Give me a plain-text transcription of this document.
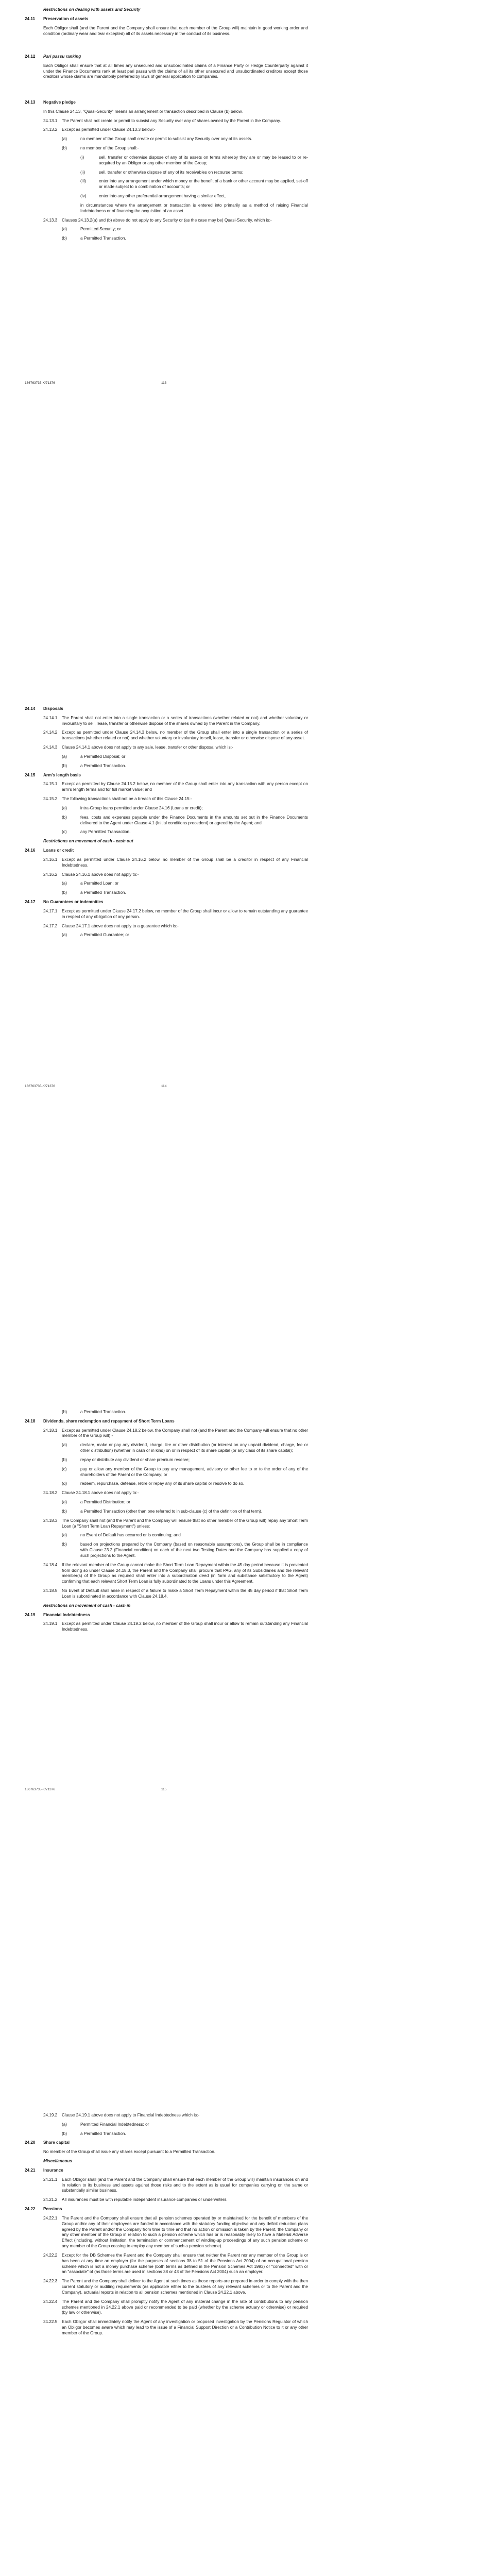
Restrictions on dealing with assets and Security
24.11	Preservation of assets
Each Obligor shall (and the Parent and the Company shall ensure that each member of the Group will) maintain in good working order and condition (ordinary wear and tear excepted) all of its assets necessary in the conduct of its business.
24.12	Pari passu ranking
Each Obligor shall ensure that at all times any unsecured and unsubordinated claims of a Finance Party or Hedge Counterparty against it under the Finance Documents rank at least pari passu with the claims of all its other unsecured and unsubordinated creditors except those creditors whose claims are mandatorily preferred by laws of general application to companies.
24.13	Negative pledge
In this Clause 24.13, "Quasi-Security" means an arrangement or transaction described in Clause (b) below.
24.13.1	The Parent shall not create or permit to subsist any Security over any of shares owned by the Parent in the Company.
24.13.2	Except as permitted under Clause 24.13.3 below:-
(a)	no member of the Group shall create or permit to subsist any Security over any of its assets.
(b)	no member of the Group shall:-
(i)	sell, transfer or otherwise dispose of any of its assets on terms whereby they are or may be leased to or re-acquired by an Obligor or any other member of the Group;
(ii)	sell, transfer or otherwise dispose of any of its receivables on recourse terms;
(iii)	enter into any arrangement under which money or the benefit of a bank or other account may be applied, set-off or made subject to a combination of accounts; or
(iv)	enter into any other preferential arrangement having a similar effect,
in circumstances where the arrangement or transaction is entered into primarily as a method of raising Financial Indebtedness or of financing the acquisition of an asset.
24.13.3	Clauses 24.13.2(a) and (b) above do not apply to any Security or (as the case may be) Quasi-Security, which is:-
(a)	Permitted Security; or
(b)	a Permitted Transaction.
136763735-K/71376	113
24.14	Disposals
24.14.1	The Parent shall not enter into a single transaction or a series of transactions (whether related or not) and whether voluntary or involuntary to sell, lease, transfer or otherwise dispose of the shares owned by the Parent in the Company.
24.14.2	Except as permitted under Clause 24.14.3 below, no member of the Group shall enter into a single transaction or a series of transactions (whether related or not) and whether voluntary or involuntary to sell, lease, transfer or otherwise dispose of any asset.
24.14.3	Clause 24.14.1 above does not apply to any sale, lease, transfer or other disposal which is:-
(a)	a Permitted Disposal; or
(b)	a Permitted Transaction.
24.15	Arm's length basis
24.15.1	Except as permitted by Clause 24.15.2 below, no member of the Group shall enter into any transaction with any person except on arm's length terms and for full market value; and
24.15.2	The following transactions shall not be a breach of this Clause 24.15:-
(a)	intra-Group loans permitted under Clause 24.16 (Loans or credit);
(b)	fees, costs and expenses payable under the Finance Documents in the amounts set out in the Finance Documents delivered to the Agent under Clause 4.1 (Initial conditions precedent) or agreed by the Agent; and
(c)	any Permitted Transaction.
Restrictions on movement of cash - cash out
24.16	Loans or credit
24.16.1	Except as permitted under Clause 24.16.2 below, no member of the Group shall be a creditor in respect of any Financial Indebtedness.
24.16.2	Clause 24.16.1 above does not apply to:-
(a)	a Permitted Loan; or
(b)	a Permitted Transaction.
24.17	No Guarantees or indemnities
24.17.1	Except as permitted under Clause 24.17.2 below, no member of the Group shall incur or allow to remain outstanding any guarantee in respect of any obligation of any person.
24.17.2	Clause 24.17.1 above does not apply to a guarantee which is:-
(a)	a Permitted Guarantee; or
136763735-K/71376	114
(b)	a Permitted Transaction.
24.18	Dividends, share redemption and repayment of Short Term Loans
24.18.1	Except as permitted under Clause 24.18.2 below, the Company shall not (and the Parent and the Company will ensure that no other member of the Group will):-
(a)	declare, make or pay any dividend, charge, fee or other distribution (or interest on any unpaid dividend, charge, fee or other distribution) (whether in cash or in kind) on or in respect of its share capital (or any class of its share capital);
(b)	repay or distribute any dividend or share premium reserve;
(c)	pay or allow any member of the Group to pay any management, advisory or other fee to or to the order of any of the shareholders of the Parent or the Company; or
(d)	redeem, repurchase, defease, retire or repay any of its share capital or resolve to do so.
24.18.2	Clause 24.18.1 above does not apply to:-
(a)	a Permitted Distribution; or
(b)	a Permitted Transaction (other than one referred to in sub-clause (c) of the definition of that term).
24.18.3	The Company shall not (and the Parent and the Company will ensure that no other member of the Group will) repay any Short Term Loan (a "Short Term Loan Repayment") unless:
(a)	no Event of Default has occurred or is continuing; and
(b)	based on projections prepared by the Company (based on reasonable assumptions), the Group shall be in compliance with Clause 23.2 (Financial condition) on each of the next two Testing Dates and the Company has supplied a copy of such projections to the Agent.
24.18.4	If the relevant member of the Group cannot make the Short Term Loan Repayment within the 45 day period because it is prevented from doing so under Clause 24.18.3, the Parent and the Company shall procure that PAG, any of its Subsidiaries and the relevant member(s) of the Group as required shall enter into a subordination deed (in form and substance satisfactory to the Agent) confirming that each relevant Short Term Loan is fully subordinated to the Loans under this Agreement.
24.18.5	No Event of Default shall arise in respect of a failure to make a Short Term Repayment within the 45 day period if that Short Term Loan is subordinated in accordance with Clause 24.18.4.
Restrictions on movement of cash - cash in
24.19	Financial Indebtedness
24.19.1	Except as permitted under Clause 24.19.2 below, no member of the Group shall incur or allow to remain outstanding any Financial Indebtedness.
136763735-K/71376	115
24.19.2	Clause 24.19.1 above does not apply to Financial Indebtedness which is:-
(a)	Permitted Financial Indebtedness; or
(b)	a Permitted Transaction.
24.20	Share capital
No member of the Group shall issue any shares except pursuant to a Permitted Transaction.
Miscellaneous
24.21	Insurance
24.21.1	Each Obligor shall (and the Parent and the Company shall ensure that each member of the Group will) maintain insurances on and in relation to its business and assets against those risks and to the extent as is usual for companies carrying on the same or substantially similar business.
24.21.2	All insurances must be with reputable independent insurance companies or underwriters.
24.22	Pensions
24.22.1	The Parent and the Company shall ensure that all pension schemes operated by or maintained for the benefit of members of the Group and/or any of their employees are funded in accordance with the statutory funding objective and any deficit reduction plans agreed by the Parent and/or the Company from time to time and that no action or omission is taken by the Parent, the Company or any other member of the Group in relation to such a pension scheme which has or is reasonably likely to have a Material Adverse Effect (including, without limitation, the termination or commencement of winding-up proceedings of any such pension scheme or any member of the Group ceasing to employ any member of such a pension scheme).
24.22.2	Except for the DB Schemes the Parent and the Company shall ensure that neither the Parent nor any member of the Group is or has been at any time an employer (for the purposes of sections 38 to 51 of the Pensions Act 2004) of an occupational pension scheme which is not a money purchase scheme (both terms as defined in the Pension Schemes Act 1993) or "connected" with or an "associate" of (as those terms are used in sections 38 or 43 of the Pensions Act 2004) such an employer.
24.22.3	The Parent and the Company shall deliver to the Agent at such times as those reports are prepared in order to comply with the then current statutory or auditing requirements (as applicable either to the trustees of any relevant schemes or to the Parent and the Company), actuarial reports in relation to all pension schemes mentioned in Clause 24.22.1 above.
24.22.4	The Parent and the Company shall promptly notify the Agent of any material change in the rate of contributions to any pension schemes mentioned in 24.22.1 above paid or recommended to be paid (whether by the scheme actuary or otherwise) or required (by law or otherwise).
24.22.5	Each Obligor shall immediately notify the Agent of any investigation or proposed investigation by the Pensions Regulator of which an Obligor becomes aware which may lead to the issue of a Financial Support Direction or a Contribution Notice to it or any other member of the Group.
